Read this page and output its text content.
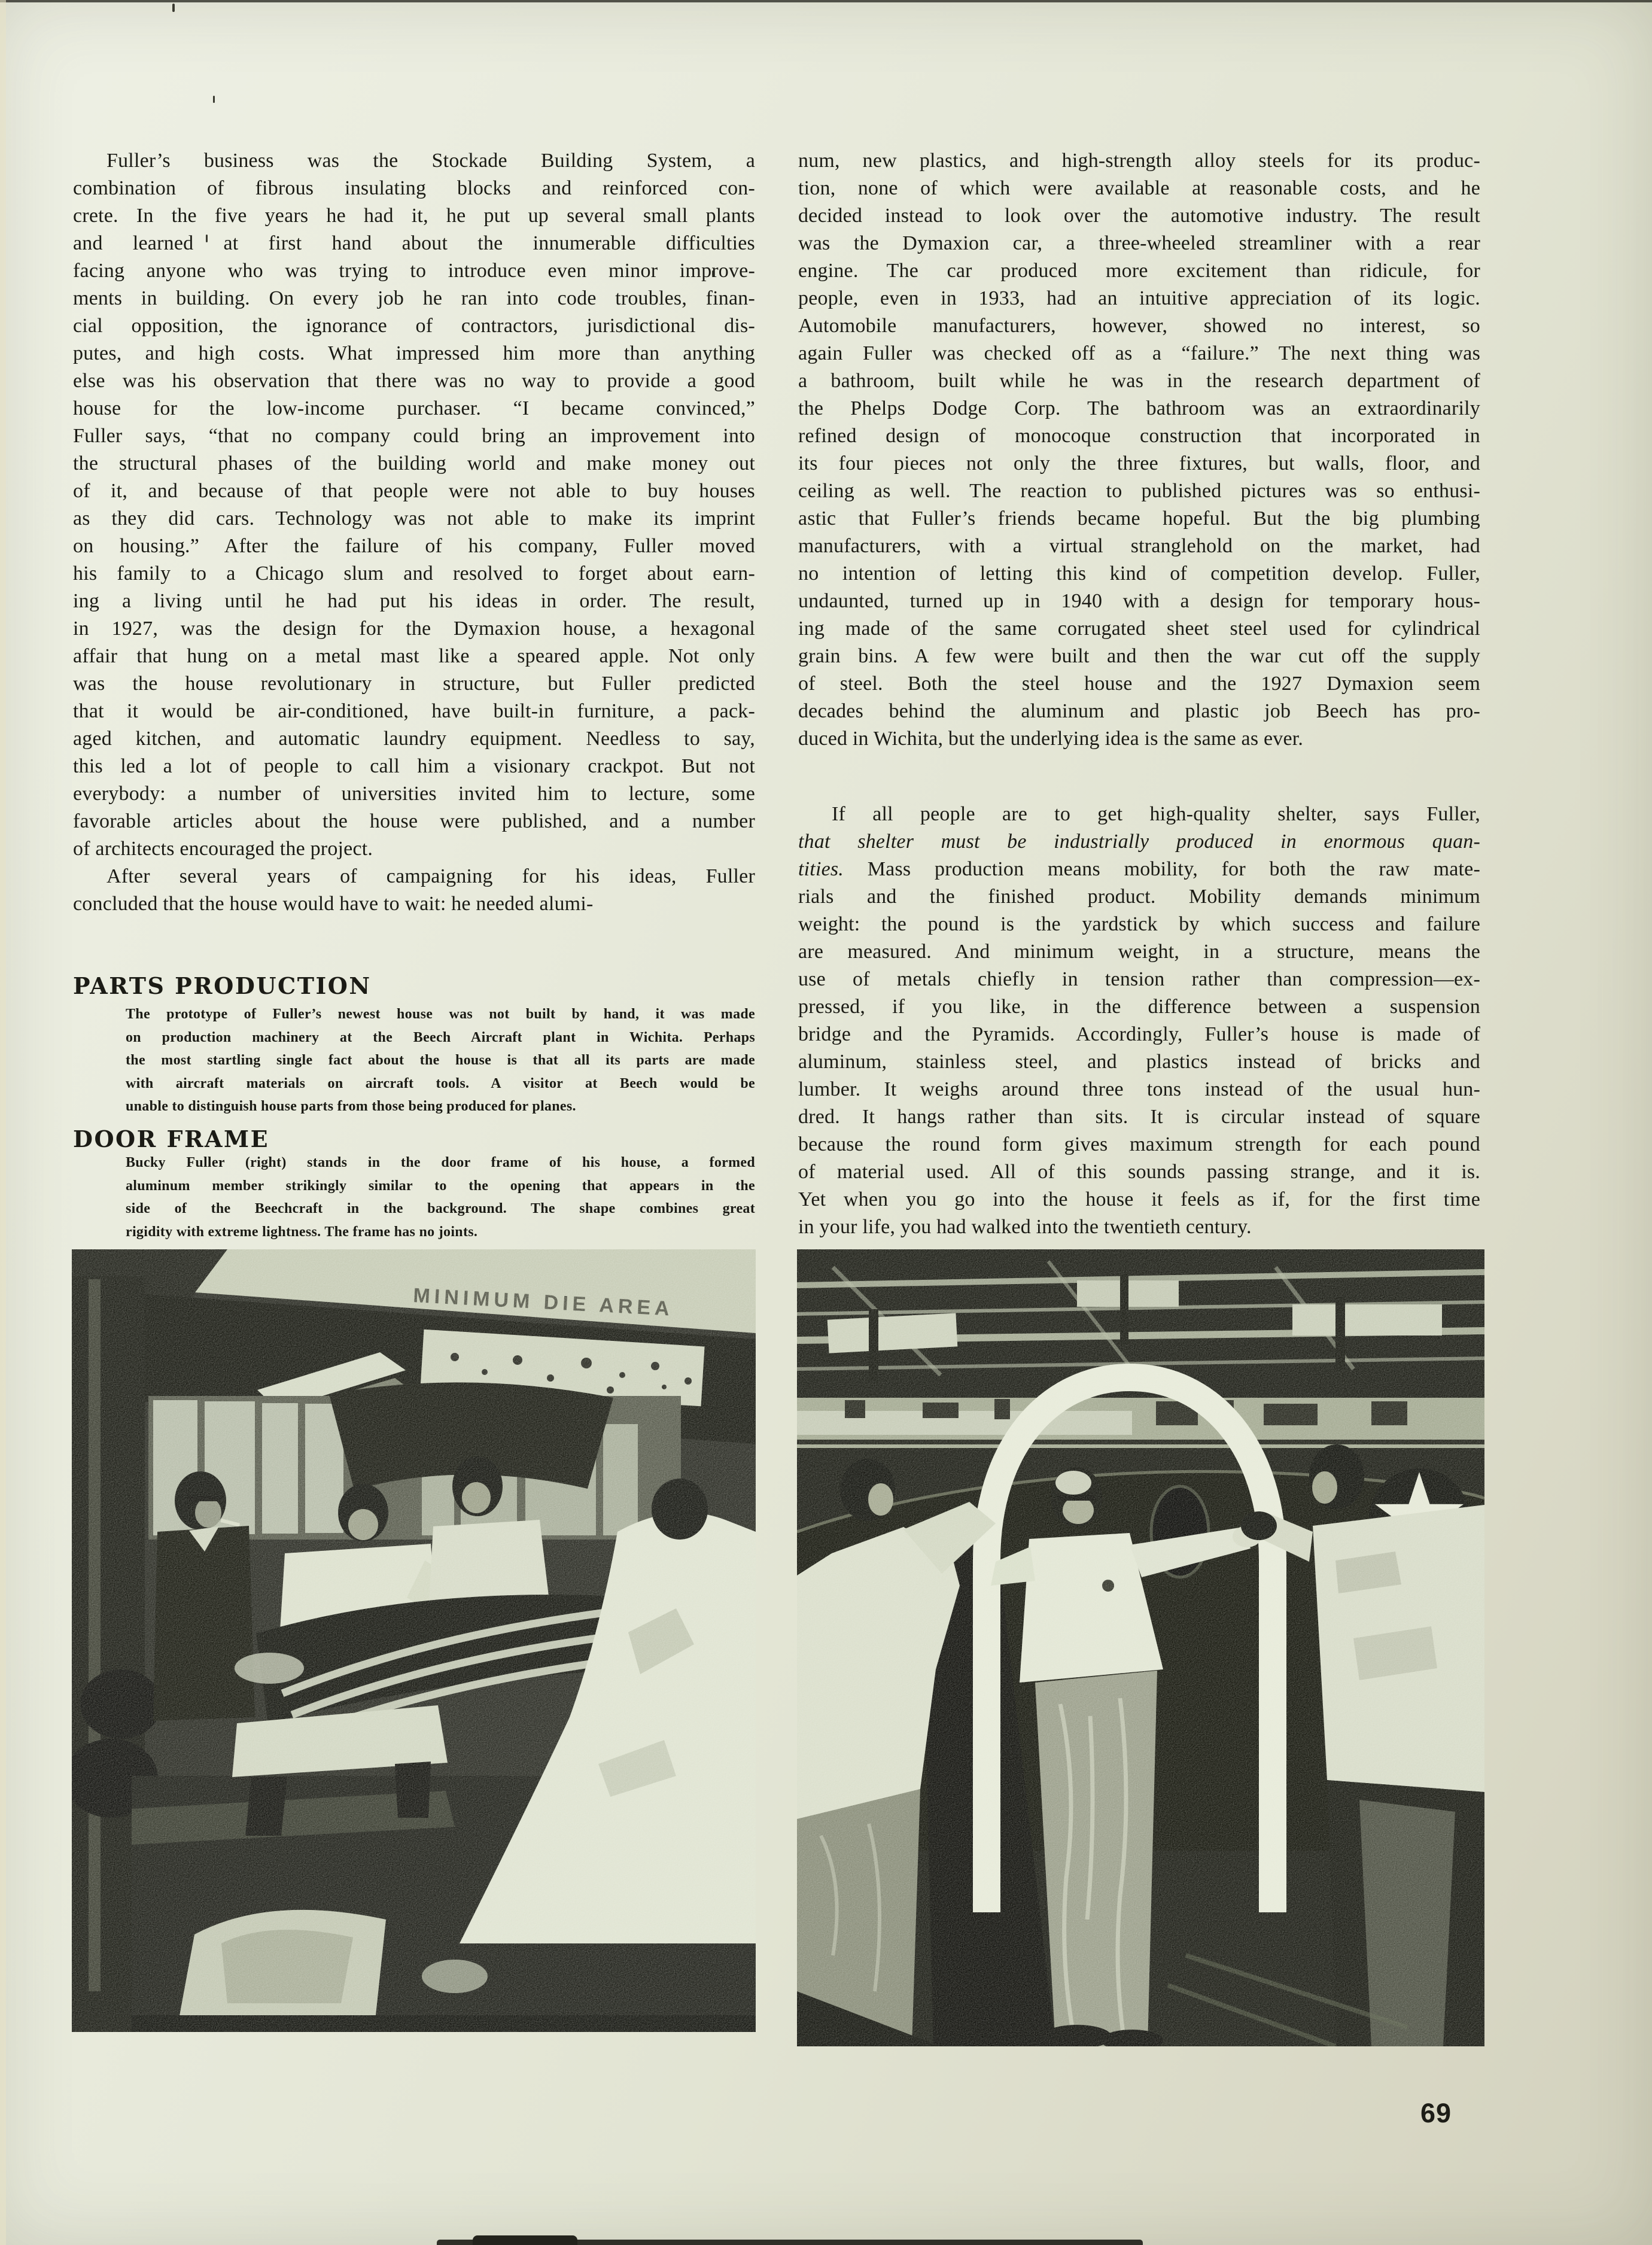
Fuller’s business was the Stockade Building System, a
combination of fibrous insulating blocks and reinforced con-
crete. In the five years he had it, he put up several small plants
and learned at first hand about the innumerable difficulties
facing anyone who was trying to introduce even minor improve-
ments in building. On every job he ran into code troubles, finan-
cial opposition, the ignorance of contractors, jurisdictional dis-
putes, and high costs. What impressed him more than anything
else was his observation that there was no way to provide a good
house for the low-income purchaser. “I became convinced,”
Fuller says, “that no company could bring an improvement into
the structural phases of the building world and make money out
of it, and because of that people were not able to buy houses
as they did cars. Technology was not able to make its imprint
on housing.” After the failure of his company, Fuller moved
his family to a Chicago slum and resolved to forget about earn-
ing a living until he had put his ideas in order. The result,
in 1927, was the design for the Dymaxion house, a hexagonal
affair that hung on a metal mast like a speared apple. Not only
was the house revolutionary in structure, but Fuller predicted
that it would be air-conditioned, have built-in furniture, a pack-
aged kitchen, and automatic laundry equipment. Needless to say,
this led a lot of people to call him a visionary crackpot. But not
everybody: a number of universities invited him to lecture, some
favorable articles about the house were published, and a number
of architects encouraged the project.
After several years of campaigning for his ideas, Fuller
concluded that the house would have to wait: he needed alumi-
PARTS PRODUCTION
The prototype of Fuller’s newest house was not built by hand, it was made
on production machinery at the Beech Aircraft plant in Wichita. Perhaps
the most startling single fact about the house is that all its parts are made
with aircraft materials on aircraft tools. A visitor at Beech would be
unable to distinguish house parts from those being produced for planes.
DOOR FRAME
Bucky Fuller (right) stands in the door frame of his house, a formed
aluminum member strikingly similar to the opening that appears in the
side of the Beechcraft in the background. The shape combines great
rigidity with extreme lightness. The frame has no joints.
num, new plastics, and high-strength alloy steels for its produc-
tion, none of which were available at reasonable costs, and he
decided instead to look over the automotive industry. The result
was the Dymaxion car, a three-wheeled streamliner with a rear
engine. The car produced more excitement than ridicule, for
people, even in 1933, had an intuitive appreciation of its logic.
Automobile manufacturers, however, showed no interest, so
again Fuller was checked off as a “failure.” The next thing was
a bathroom, built while he was in the research department of
the Phelps Dodge Corp. The bathroom was an extraordinarily
refined design of monocoque construction that incorporated in
its four pieces not only the three fixtures, but walls, floor, and
ceiling as well. The reaction to published pictures was so enthusi-
astic that Fuller’s friends became hopeful. But the big plumbing
manufacturers, with a virtual stranglehold on the market, had
no intention of letting this kind of competition develop. Fuller,
undaunted, turned up in 1940 with a design for temporary hous-
ing made of the same corrugated sheet steel used for cylindrical
grain bins. A few were built and then the war cut off the supply
of steel. Both the steel house and the 1927 Dymaxion seem
decades behind the aluminum and plastic job Beech has pro-
duced in Wichita, but the underlying idea is the same as ever.
If all people are to get high-quality shelter, says Fuller,
that shelter must be industrially produced in enormous quan-
tities. Mass production means mobility, for both the raw mate-
rials and the finished product. Mobility demands minimum
weight: the pound is the yardstick by which success and failure
are measured. And minimum weight, in a structure, means the
use of metals chiefly in tension rather than compression—ex-
pressed, if you like, in the difference between a suspension
bridge and the Pyramids. Accordingly, Fuller’s house is made of
aluminum, stainless steel, and plastics instead of bricks and
lumber. It weighs around three tons instead of the usual hun-
dred. It hangs rather than sits. It is circular instead of square
because the round form gives maximum strength for each pound
of material used. All of this sounds passing strange, and it is.
Yet when you go into the house it feels as if, for the first time
in your life, you had walked into the twentieth century.
MINIMUM DIE AREA
69
